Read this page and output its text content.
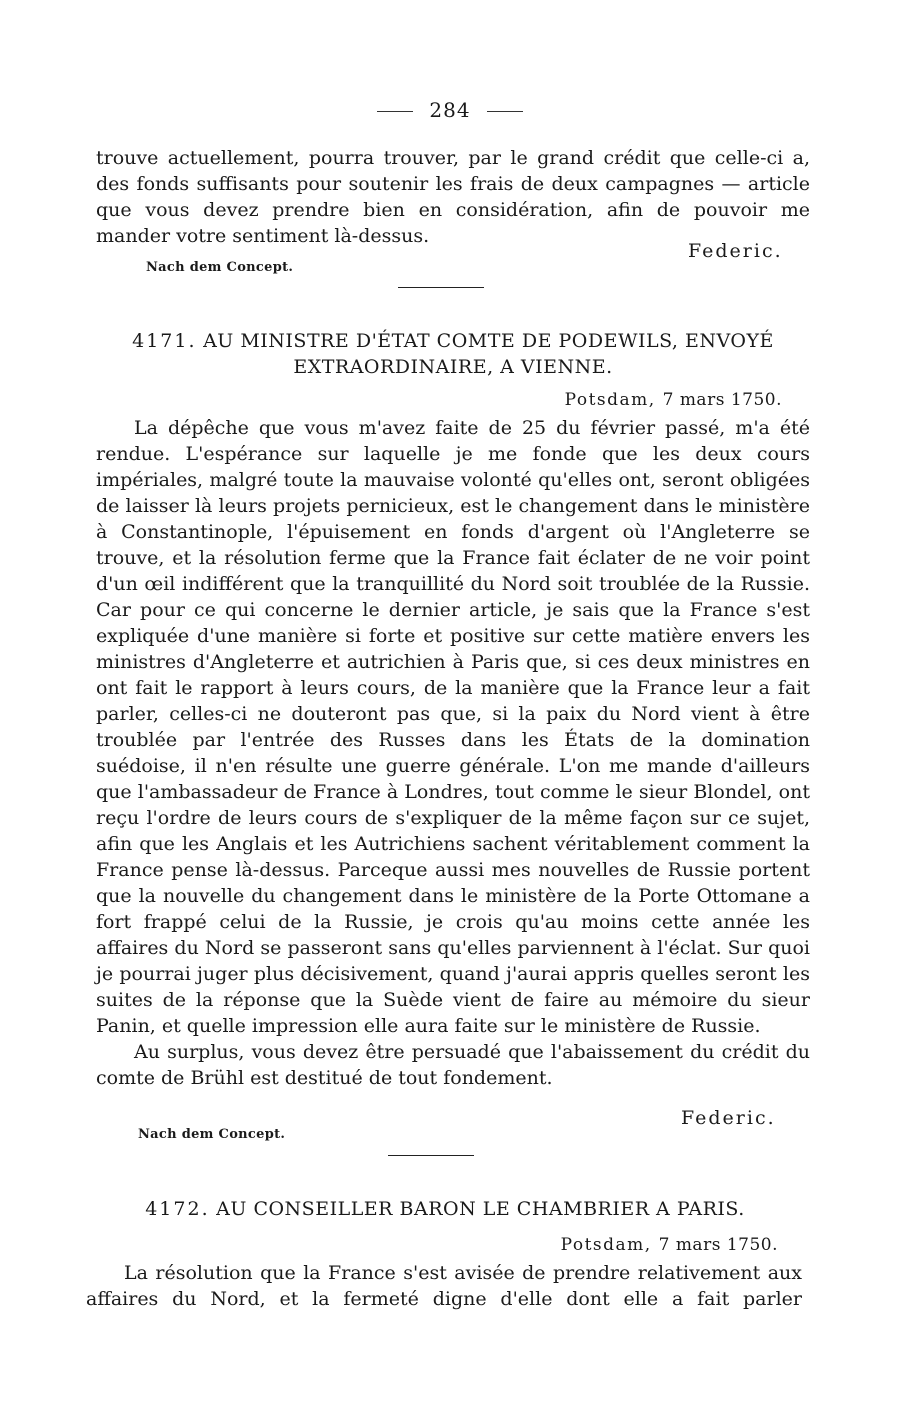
284

trouve actuellement, pourra trouver, par le grand crédit que celle-ci a, des fonds suffisants pour soutenir les frais de deux campagnes — article que vous devez prendre bien en considération, afin de pouvoir me mander votre sentiment là-dessus.

Federic.
Nach dem Concept.
4171. AU MINISTRE D'ÉTAT COMTE DE PODEWILS, ENVOYÉ EXTRAORDINAIRE, A VIENNE.
Potsdam, 7 mars 1750.

La dépêche que vous m'avez faite de 25 du février passé, m'a été rendue. L'espérance sur laquelle je me fonde que les deux cours impériales, malgré toute la mauvaise volonté qu'elles ont, seront obligées de laisser là leurs projets pernicieux, est le changement dans le ministère à Constantinople, l'épuisement en fonds d'argent où l'Angleterre se trouve, et la résolution ferme que la France fait éclater de ne voir point d'un œil indifférent que la tranquillité du Nord soit troublée de la Russie. Car pour ce qui concerne le dernier article, je sais que la France s'est expliquée d'une manière si forte et positive sur cette matière envers les ministres d'Angleterre et autrichien à Paris que, si ces deux ministres en ont fait le rapport à leurs cours, de la manière que la France leur a fait parler, celles-ci ne douteront pas que, si la paix du Nord vient à être troublée par l'entrée des Russes dans les États de la domination suédoise, il n'en résulte une guerre générale. L'on me mande d'ailleurs que l'ambassadeur de France à Londres, tout comme le sieur Blondel, ont reçu l'ordre de leurs cours de s'expliquer de la même façon sur ce sujet, afin que les Anglais et les Autrichiens sachent véritablement comment la France pense là-dessus. Parceque aussi mes nouvelles de Russie portent que la nouvelle du changement dans le ministère de la Porte Ottomane a fort frappé celui de la Russie, je crois qu'au moins cette année les affaires du Nord se passeront sans qu'elles parviennent à l'éclat. Sur quoi je pourrai juger plus décisivement, quand j'aurai appris quelles seront les suites de la réponse que la Suède vient de faire au mémoire du sieur Panin, et quelle impression elle aura faite sur le ministère de Russie.

Au surplus, vous devez être persuadé que l'abaissement du crédit du comte de Brühl est destitué de tout fondement.

Federic.
Nach dem Concept.
4172. AU CONSEILLER BARON LE CHAMBRIER A PARIS.
Potsdam, 7 mars 1750.

La résolution que la France s'est avisée de prendre relativement aux affaires du Nord, et la fermeté digne d'elle dont elle a fait parler
